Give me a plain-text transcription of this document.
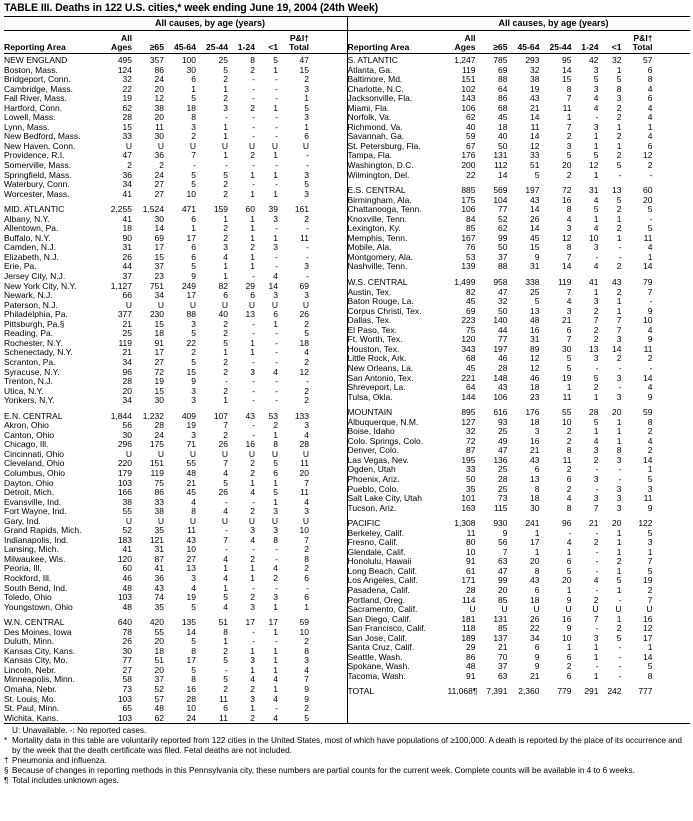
TABLE III. Deaths in 122 U.S. cities,* week ending June 19, 2004 (24th Week)
All causes, by age (years)
Reporting Area
All Ages	≥65	45-64	25-44	1-24	<1
P&I† Total
NEW ENGLAND	495	357	100	25	8	5	47
Boston, Mass.	124	86	30	5	2	1	15
Bridgeport, Conn.	32	24	6	2	-	-	2
Cambridge, Mass.	22	20	1	1	-	-	3
Fall River, Mass.	19	12	5	2	-	-	1
Hartford, Conn.	62	38	18	3	2	1	5
Lowell, Mass.	28	20	8	-	-	-	3
Lynn, Mass.	15	11	3	1	-	-	1
New Bedford, Mass.	33	30	2	1	-	-	6
New Haven, Conn.	U	U	U	U	U	U	U
Providence, R.I.	47	36	7	1	2	1	-
Somerville, Mass.	2	2	-	-	-	-	-
Springfield, Mass.	36	24	5	5	1	1	3
Waterbury, Conn.	34	27	5	2	-	-	5
Worcester, Mass.	41	27	10	2	1	1	3
MID. ATLANTIC	2,255	1,524	471	159	60	39	161
Albany, N.Y.	41	30	6	1	1	3	2
Allentown, Pa.	18	14	1	2	1	-	-
Buffalo, N.Y.	90	69	17	2	1	1	11
Camden, N.J.	31	17	6	3	2	3	-
Elizabeth, N.J.	26	15	6	4	1	-	-
Erie, Pa.	44	37	5	1	1	-	3
Jersey City, N.J.	37	23	9	1	-	4	-
New York City, N.Y.	1,127	751	249	82	29	14	69
Newark, N.J.	66	34	17	6	6	3	3
Paterson, N.J.	U	U	U	U	U	U	U
Philadelphia, Pa.	377	230	88	40	13	6	26
Pittsburgh, Pa.§	21	15	3	2	-	1	2
Reading, Pa.	25	18	5	2	-	-	5
Rochester, N.Y.	119	91	22	5	1	-	18
Schenectady, N.Y.	21	17	2	1	1	-	4
Scranton, Pa.	34	27	5	2	-	-	2
Syracuse, N.Y.	96	72	15	2	3	4	12
Trenton, N.J.	28	19	9	-	-	-	-
Utica, N.Y.	20	15	3	2	-	-	2
Yonkers, N.Y.	34	30	3	1	-	-	2
E.N. CENTRAL	1,844	1,232	409	107	43	53	133
Akron, Ohio	56	28	19	7	-	2	3
Canton, Ohio	30	24	3	2	-	1	4
Chicago, Ill.	296	175	71	26	16	8	28
Cincinnati, Ohio	U	U	U	U	U	U	U
Cleveland, Ohio	220	151	55	7	2	5	11
Columbus, Ohio	179	119	48	4	2	6	20
Dayton, Ohio	103	75	21	5	1	1	7
Detroit, Mich.	166	86	45	26	4	5	11
Evansville, Ind.	38	33	4	-	-	1	4
Fort Wayne, Ind.	55	38	8	4	2	3	3
Gary, Ind.	U	U	U	U	U	U	U
Grand Rapids, Mich.	52	35	11	-	3	3	10
Indianapolis, Ind.	183	121	43	7	4	8	7
Lansing, Mich.	41	31	10	-	-	-	2
Milwaukee, Wis.	120	87	27	4	2	-	8
Peoria, Ill.	60	41	13	1	1	4	2
Rockford, Ill.	46	36	3	4	1	2	6
South Bend, Ind.	48	43	4	1	-	-	-
Toledo, Ohio	103	74	19	5	2	3	6
Youngstown, Ohio	48	35	5	4	3	1	1
W.N. CENTRAL	640	420	135	51	17	17	59
Des Moines, Iowa	78	55	14	8	-	1	10
Duluth, Minn.	26	20	5	1	-	-	2
Kansas City, Kans.	30	18	8	2	1	1	8
Kansas City, Mo.	77	51	17	5	3	1	3
Lincoln, Nebr.	27	20	5	-	1	1	4
Minneapolis, Minn.	58	37	8	5	4	4	7
Omaha, Nebr.	73	52	16	2	2	1	9
St. Louis, Mo.	103	57	28	11	3	4	9
St. Paul, Minn.	65	48	10	6	1	-	2
Wichita, Kans.	103	62	24	11	2	4	5
All causes, by age (years)
Reporting Area
All Ages	≥65	45-64	25-44	1-24	<1
P&I† Total
S. ATLANTIC	1,247	785	293	95	42	32	57
Atlanta, Ga.	119	69	32	14	3	1	6
Baltimore, Md.	151	88	38	15	5	5	8
Charlotte, N.C.	102	64	19	8	3	8	4
Jacksonville, Fla.	143	86	43	7	4	3	6
Miami, Fla.	106	68	21	11	4	2	4
Norfolk, Va.	62	45	14	1	-	2	4
Richmond, Va.	40	18	11	7	3	1	1
Savannah, Ga.	59	40	14	2	1	2	4
St. Petersburg, Fla.	67	50	12	3	1	1	6
Tampa, Fla.	176	131	33	5	5	2	12
Washington, D.C.	200	112	51	20	12	5	2
Wilmington, Del.	22	14	5	2	1	-	-
E.S. CENTRAL	885	569	197	72	31	13	60
Birmingham, Ala.	175	104	43	16	4	5	20
Chattanooga, Tenn.	106	77	14	8	5	2	5
Knoxville, Tenn.	84	52	26	4	1	1	-
Lexington, Ky.	85	62	14	3	4	2	5
Memphis, Tenn.	167	99	45	12	10	1	11
Mobile, Ala.	76	50	15	8	3	-	4
Montgomery, Ala.	53	37	9	7	-	-	1
Nashville, Tenn.	139	88	31	14	4	2	14
W.S. CENTRAL	1,499	958	338	119	41	43	79
Austin, Tex.	82	47	25	7	1	2	7
Baton Rouge, La.	45	32	5	4	3	1	-
Corpus Christi, Tex.	69	50	13	3	2	1	9
Dallas, Tex.	223	140	48	21	7	7	10
El Paso, Tex.	75	44	16	6	2	7	4
Ft. Worth, Tex.	120	77	31	7	2	3	9
Houston, Tex.	343	197	89	30	13	14	11
Little Rock, Ark.	68	46	12	5	3	2	2
New Orleans, La.	45	28	12	5	-	-	-
San Antonio, Tex.	221	148	46	19	5	3	14
Shreveport, La.	64	43	18	1	2	-	4
Tulsa, Okla.	144	106	23	11	1	3	9
MOUNTAIN	895	616	176	55	28	20	59
Albuquerque, N.M.	127	93	18	10	5	1	8
Boise, Idaho	32	25	3	2	1	1	2
Colo. Springs, Colo.	72	49	16	2	4	1	4
Denver, Colo.	87	47	21	8	3	8	2
Las Vegas, Nev.	195	136	43	11	2	3	14
Ogden, Utah	33	25	6	2	-	-	1
Phoenix, Ariz.	50	28	13	6	3	-	5
Pueblo, Colo.	35	25	8	2	-	3	3
Salt Lake City, Utah	101	73	18	4	3	3	11
Tucson, Ariz.	163	115	30	8	7	3	9
PACIFIC	1,308	930	241	96	21	20	122
Berkeley, Calif.	11	9	1	-	-	1	5
Fresno, Calif.	80	56	17	4	2	1	3
Glendale, Calif.	10	7	1	1	-	1	1
Honolulu, Hawaii	91	63	20	6	-	2	7
Long Beach, Calif.	61	47	8	5	-	1	5
Los Angeles, Calif.	171	99	43	20	4	5	19
Pasadena, Calif.	28	20	6	1	-	1	2
Portland, Oreg.	114	85	18	9	2	-	7
Sacramento, Calif.	U	U	U	U	U	U	U
San Diego, Calif.	181	131	26	16	7	1	16
San Francisco, Calif.	118	85	22	9	-	2	12
San Jose, Calif.	189	137	34	10	3	5	17
Santa Cruz, Calif.	29	21	6	1	1	-	1
Seattle, Wash.	86	70	9	6	1	-	14
Spokane, Wash.	48	37	9	2	-	-	5
Tacoma, Wash.	91	63	21	6	1	-	8
TOTAL	11,068¶	7,391	2,360	779	291	242	777
U: Unavailable. -: No reported cases.
* Mortality data in this table are voluntarily reported from 122 cities in the United States, most of which have populations of ≥100,000. A death is reported by the place of its occurrence and by the week that the death certificate was filed. Fetal deaths are not included.
† Pneumonia and influenza.
§ Because of changes in reporting methods in this Pennsylvania city, these numbers are partial counts for the current week. Complete counts will be available in 4 to 6 weeks.
¶ Total includes unknown ages.
